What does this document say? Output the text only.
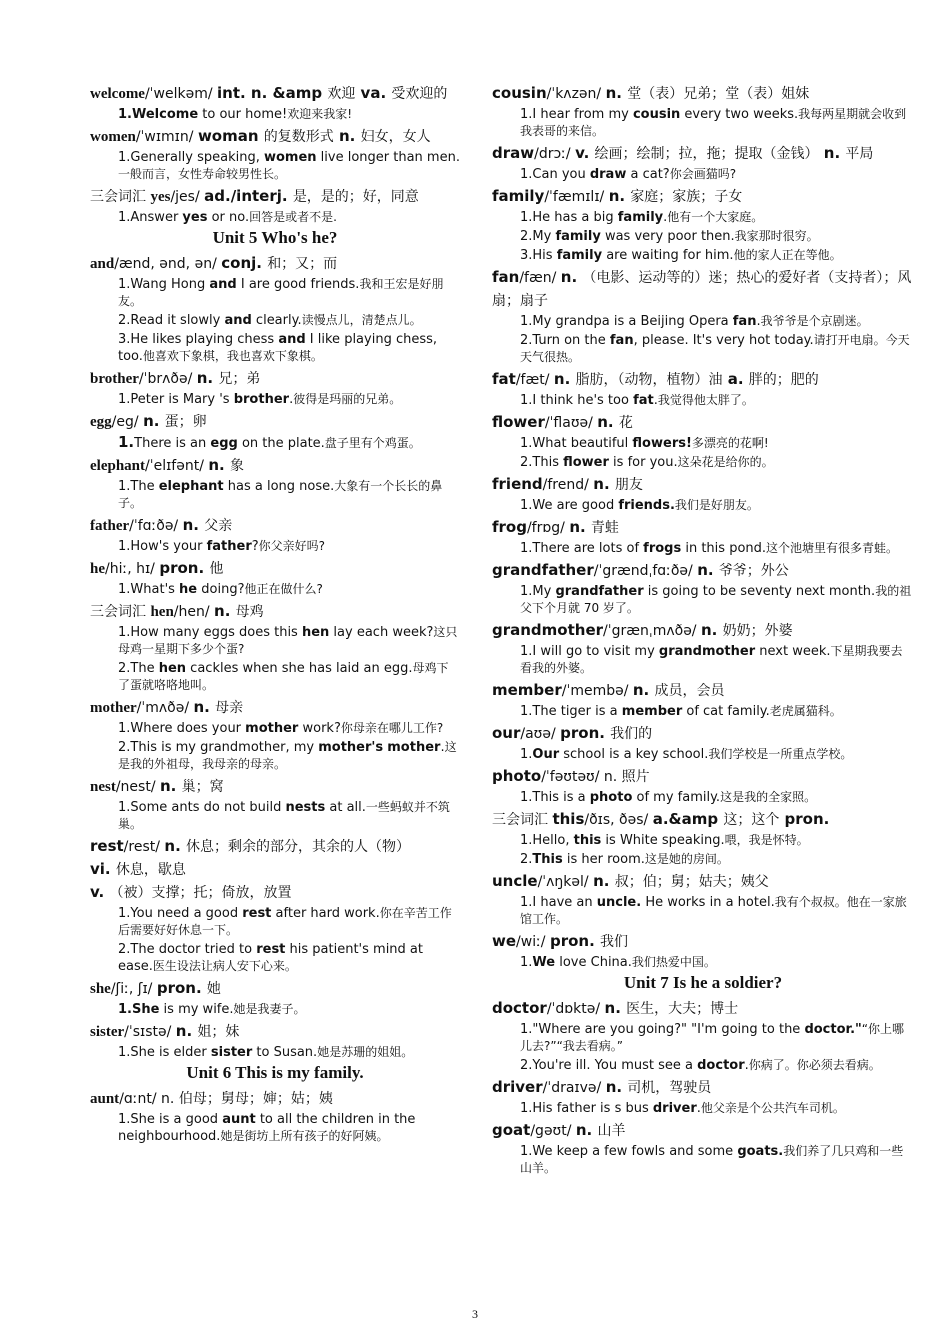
welcome/ˈwelkəm/ int. n. &amp 欢迎 va. 受欢迎的
1.Welcome to our home!欢迎来我家!
women/ˈwɪmɪn/ woman 的复数形式 n. 妇女，女人
1.Generally speaking, women live longer than men.一般而言，女性寿命较男性长。
三会词汇 yes/jes/ ad./interj. 是，是的；好，同意
1.Answer yes or no.回答是或者不是.
Unit 5 Who's he?
and/ænd, ənd, ən/ conj. 和；又；而
1.Wang Hong and I are good friends.我和王宏是好朋友。
2.Read it slowly and clearly.读慢点儿，清楚点儿。
3.He likes playing chess and I like playing chess, too.他喜欢下象棋，我也喜欢下象棋。
brother/ˈbrʌðə/ n. 兄；弟
1.Peter is Mary 's brother.彼得是玛丽的兄弟。
egg/eg/ n. 蛋；卵
1.There is an egg on the plate.盘子里有个鸡蛋。
elephant/ˈelɪfənt/ n. 象
1.The elephant has a long nose.大象有一个长长的鼻子。
father/ˈfɑːðə/ n. 父亲
1.How's your father?你父亲好吗?
he/hiː, hɪ/ pron. 他
1.What's he doing?他正在做什么?
三会词汇 hen/hen/ n. 母鸡
1.How many eggs does this hen lay each week?这只母鸡一星期下多少个蛋?
2.The hen cackles when she has laid an egg.母鸡下了蛋就咯咯地叫。
mother/ˈmʌðə/ n. 母亲
1.Where does your mother work?你母亲在哪儿工作?
2.This is my grandmother, my mother's mother.这是我的外祖母，我母亲的母亲。
nest/nest/ n. 巢；窝
1.Some ants do not build nests at all.一些蚂蚁并不筑巢。
rest/rest/ n. 休息；剩余的部分，其余的人（物）
vi. 休息，歇息
v. （被）支撑；托；倚放，放置
1.You need a good rest after hard work.你在辛苦工作后需要好好休息一下。
2.The doctor tried to rest his patient's mind at ease.医生设法让病人安下心来。
she/ʃiː, ʃɪ/ pron. 她
1.She is my wife.她是我妻子。
sister/ˈsɪstə/ n. 姐；妹
1.She is elder sister to Susan.她是苏珊的姐姐。
Unit 6 This is my family.
aunt/ɑːnt/ n. 伯母；舅母；婶；姑；姨
1.She is a good aunt to all the children in the neighbourhood.她是街坊上所有孩子的好阿姨。
cousin/ˈkʌzən/ n. 堂（表）兄弟；堂（表）姐妹
1.I hear from my cousin every two weeks.我每两星期就会收到我表哥的来信。
draw/drɔː/ v. 绘画；绘制；拉，拖；提取（金钱） n. 平局
1.Can you draw a cat?你会画猫吗?
family/ˈfæmɪlɪ/ n. 家庭；家族；子女
1.He has a big family.他有一个大家庭。
2.My family was very poor then.我家那时很穷。
3.His family are waiting for him.他的家人正在等他。
fan/fæn/ n. （电影、运动等的）迷；热心的爱好者（支持者）；风扇；扇子
1.My grandpa is a Beijing Opera fan.我爷爷是个京剧迷。
2.Turn on the fan, please. It's very hot today.请打开电扇。今天天气很热。
fat/fæt/ n. 脂肪，（动物，植物）油 a. 胖的；肥的
1.I think he's too fat.我觉得他太胖了。
flower/ˈflaʊə/ n. 花
1.What beautiful flowers!多漂亮的花啊!
2.This flower is for you.这朵花是给你的。
friend/frend/ n. 朋友
1.We are good friends.我们是好朋友。
frog/frɒg/ n. 青蛙
1.There are lots of frogs in this pond.这个池塘里有很多青蛙。
grandfather/ˈgrændˌfɑːðə/ n. 爷爷；外公
1.My grandfather is going to be seventy next month.我的祖父下个月就 70 岁了。
grandmother/ˈgrænˌmʌðə/ n. 奶奶；外婆
1.I will go to visit my grandmother next week.下星期我要去看我的外婆。
member/ˈmembə/ n. 成员，会员
1.The tiger is a member of cat family.老虎属猫科。
our/aʊə/ pron. 我们的
1.Our school is a key school.我们学校是一所重点学校。
photo/ˈfəʊtəʊ/ n. 照片
1.This is a photo of my family.这是我的全家照。
三会词汇 this/ðɪs, ðəs/ a.&amp 这；这个 pron.
1.Hello, this is White speaking.喂，我是怀特。
2.This is her room.这是她的房间。
uncle/ˈʌŋkəl/ n. 叔；伯；舅；姑夫；姨父
1.I have an uncle. He works in a hotel.我有个叔叔。他在一家旅馆工作。
we/wiː/ pron. 我们
1.We love China.我们热爱中国。
Unit 7 Is he a soldier?
doctor/ˈdɒktə/ n. 医生，大夫；博士
1."Where are you going?" "I'm going to the doctor."“你上哪儿去?”“我去看病。”
2.You're ill. You must see a doctor.你病了。你必须去看病。
driver/ˈdraɪvə/ n. 司机，驾驶员
1.His father is s bus driver.他父亲是个公共汽车司机。
goat/gəʊt/ n. 山羊
1.We keep a few fowls and some goats.我们养了几只鸡和一些山羊。
3
